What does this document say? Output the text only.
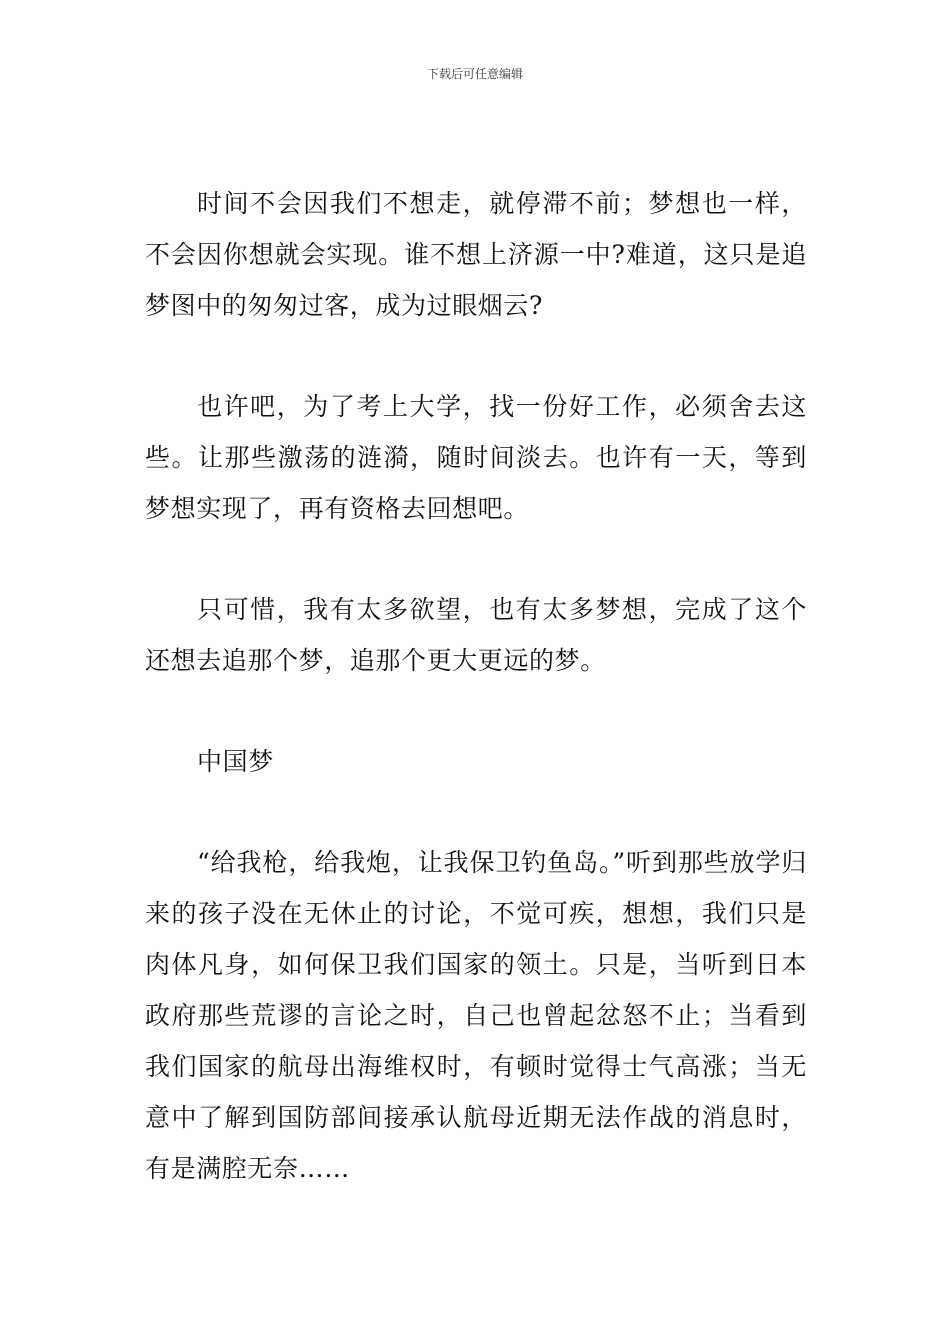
下载后可任意编辑

时间不会因我们不想走，就停滞不前；梦想也一样，不会因你想就会实现。谁不想上济源一中?难道，这只是追梦图中的匆匆过客，成为过眼烟云?

也许吧，为了考上大学，找一份好工作，必须舍去这些。让那些激荡的涟漪，随时间淡去。也许有一天，等到梦想实现了，再有资格去回想吧。

只可惜，我有太多欲望，也有太多梦想，完成了这个还想去追那个梦，追那个更大更远的梦。

中国梦

“给我枪，给我炮，让我保卫钓鱼岛。”听到那些放学归来的孩子没在无休止的讨论，不觉可疾，想想，我们只是肉体凡身，如何保卫我们国家的领土。只是，当听到日本政府那些荒谬的言论之时，自己也曾起忿怒不止；当看到我们国家的航母出海维权时，有顿时觉得士气高涨；当无意中了解到国防部间接承认航母近期无法作战的消息时，有是满腔无奈……
